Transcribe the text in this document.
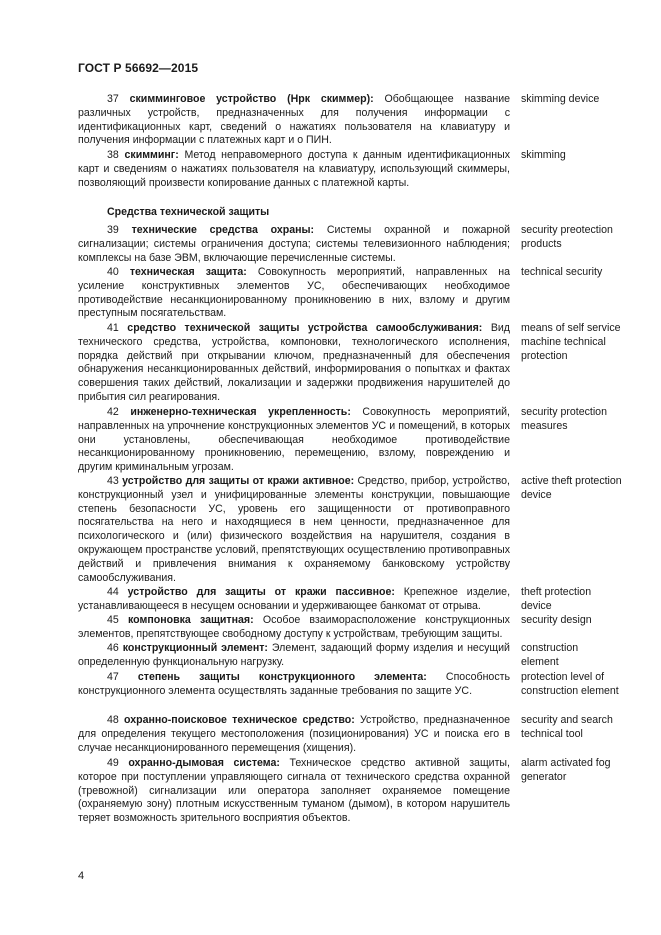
ГОСТ Р 56692—2015
37 скимминговое устройство (Нрк скиммер): Обобщающее название различных устройств, предназначенных для получения информации с идентификационных карт, сведений о нажатиях пользователя на клавиатуру и получения информации с платежных карт и о ПИН.
skimming device
38 скимминг: Метод неправомерного доступа к данным идентификационных карт и сведениям о нажатиях пользователя на клавиатуру, использующий скиммеры, позволяющий произвести копирование данных с платежной карты.
skimming
Средства технической защиты
39 технические средства охраны: Системы охранной и пожарной сигнализации; системы ограничения доступа; системы телевизионного наблюдения; комплексы на базе ЭВМ, включающие перечисленные системы.
security preotection products
40 техническая защита: Совокупность мероприятий, направленных на усиление конструктивных элементов УС, обеспечивающих необходимое противодействие несанкционированному проникновению в них, взлому и другим преступным посягательствам.
technical security
41 средство технической защиты устройства самообслуживания: Вид технического средства, устройства, компоновки, технологического исполнения, порядка действий при открывании ключом, предназначенный для обеспечения обнаружения несанкционированных действий, информирования о попытках и фактах совершения таких действий, локализации и задержки продвижения нарушителей до прибытия сил реагирования.
means of self service machine technical protection
42 инженерно-техническая укрепленность: Совокупность мероприятий, направленных на упрочнение конструкционных элементов УС и помещений, в которых они установлены, обеспечивающая необходимое противодействие несанкционированному проникновению, перемещению, взлому, повреждению и другим криминальным угрозам.
security protection measures
43 устройство для защиты от кражи активное: Средство, прибор, устройство, конструкционный узел и унифицированные элементы конструкции, повышающие степень безопасности УС, уровень его защищенности от противоправного посягательства на него и находящиеся в нем ценности, предназначенное для психологического и (или) физического воздействия на нарушителя, создания в окружающем пространстве условий, препятствующих осуществлению противоправных действий и привлечения внимания к охраняемому банковскому устройству самообслуживания.
active theft protection device
44 устройство для защиты от кражи пассивное: Крепежное изделие, устанавливающееся в несущем основании и удерживающее банкомат от отрыва.
theft protection device
45 компоновка защитная: Особое взаиморасположение конструкционных элементов, препятствующее свободному доступу к устройствам, требующим защиты.
security design
46 конструкционный элемент: Элемент, задающий форму изделия и несущий определенную функциональную нагрузку.
construction element
47 степень защиты конструкционного элемента: Способность конструкционного элемента осуществлять заданные требования по защите УС.
protection level of construction element
48 охранно-поисковое техническое средство: Устройство, предназначенное для определения текущего местоположения (позиционирования) УС и поиска его в случае несанкционированного перемещения (хищения).
security and search technical tool
49 охранно-дымовая система: Техническое средство активной защиты, которое при поступлении управляющего сигнала от технического средства охранной (тревожной) сигнализации или оператора заполняет охраняемое помещение (охраняемую зону) плотным искусственным туманом (дымом), в котором нарушитель теряет возможность зрительного восприятия объектов.
alarm activated fog generator
4
